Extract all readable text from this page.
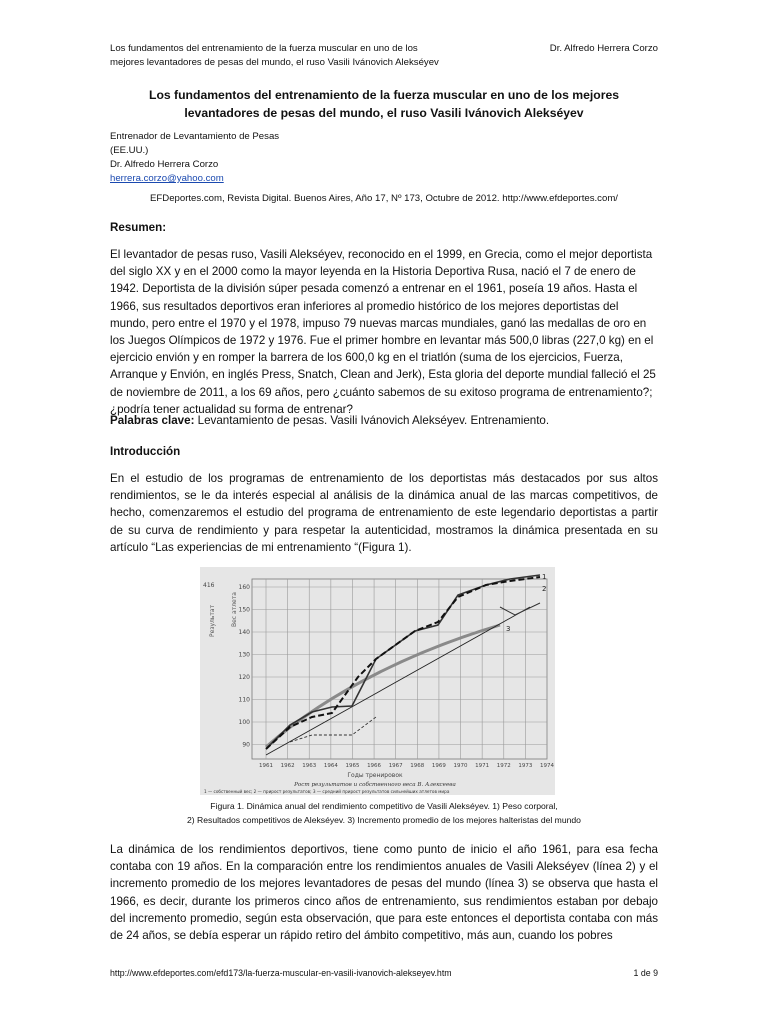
Los fundamentos del entrenamiento de la fuerza muscular en uno de los
mejores levantadores de pesas del mundo, el ruso Vasili Ivánovich Alekséyev
Dr. Alfredo Herrera Corzo
Los fundamentos del entrenamiento de la fuerza muscular en uno de los mejores levantadores de pesas del mundo, el ruso Vasili Ivánovich Alekséyev
Entrenador de Levantamiento de Pesas
(EE.UU.)
Dr. Alfredo Herrera Corzo
herrera.corzo@yahoo.com
EFDeportes.com, Revista Digital. Buenos Aires, Año 17, Nº 173, Octubre de 2012. http://www.efdeportes.com/

Resumen:

El levantador de pesas ruso, Vasili Alekséyev, reconocido en el 1999, en Grecia, como el mejor deportista del siglo XX y en el 2000 como la mayor leyenda en la Historia Deportiva Rusa, nació el 7 de enero de 1942. Deportista de la división súper pesada comenzó a entrenar en el 1961, poseía 19 años. Hasta el 1966, sus resultados deportivos eran inferiores al promedio histórico de los mejores deportistas del mundo, pero entre el 1970 y el 1978, impuso 79 nuevas marcas mundiales, ganó las medallas de oro en los Juegos Olímpicos de 1972 y 1976. Fue el primer hombre en levantar más 500,0 libras (227,0 kg) en el ejercicio envión y en romper la barrera de los 600,0 kg en el triatlón (suma de los ejercicios, Fuerza, Arranque y Envión, en inglés Press, Snatch, Clean and Jerk), Esta gloria del deporte mundial falleció el 25 de noviembre de 2011, a los 69 años, pero ¿cuánto sabemos de su exitoso programa de entrenamiento?; ¿podría tener actualidad su forma de entrenar?

Palabras clave: Levantamiento de pesas. Vasili Ivánovich Alekséyev. Entrenamiento.

Introducción

En el estudio de los programas de entrenamiento de los deportistas más destacados por sus altos rendimientos, se le da interés especial al análisis de la dinámica anual de las marcas competitivos, de hecho, comenzaremos el estudio del programa de entrenamiento de este legendario deportistas a partir de su curva de rendimiento y para respetar la autenticidad, mostramos la dinámica presentada en su artículo “Las experiencias de mi entrenamiento “(Figura 1).

416
Результат	Вес атлета
160
150
140
130
120
110
100
90
1961 1962 1963 1964 1965 1966 1967 1968 1969 1970 1971 1972 1973 1974
Годы тренировок
1
2
3
Рост результатов и собственного веса В. Алексеева
1 — собственный вес; 2 — прирост результатов; 3 — средний прирост результатов сильнейших атлетов мира
Figura 1. Dinámica anual del rendimiento competitivo de Vasili Alekséyev. 1) Peso corporal,
2) Resultados competitivos de Alekséyev. 3) Incremento promedio de los mejores halteristas del mundo

La dinámica de los rendimientos deportivos, tiene como punto de inicio el año 1961, para esa fecha contaba con 19 años. En la comparación entre los rendimientos anuales de Vasili Alekséyev (línea 2) y el incremento promedio de los mejores levantadores de pesas del mundo (línea 3) se observa que hasta el 1966, es decir, durante los primeros cinco años de entrenamiento, sus rendimientos estaban por debajo del incremento promedio, según esta observación, que para este entonces el deportista contaba con más de 24 años, se debía esperar un rápido retiro del ámbito competitivo, más aun, cuando los pobres

http://www.efdeportes.com/efd173/la-fuerza-muscular-en-vasili-ivanovich-alekseyev.htm	1 de 9
